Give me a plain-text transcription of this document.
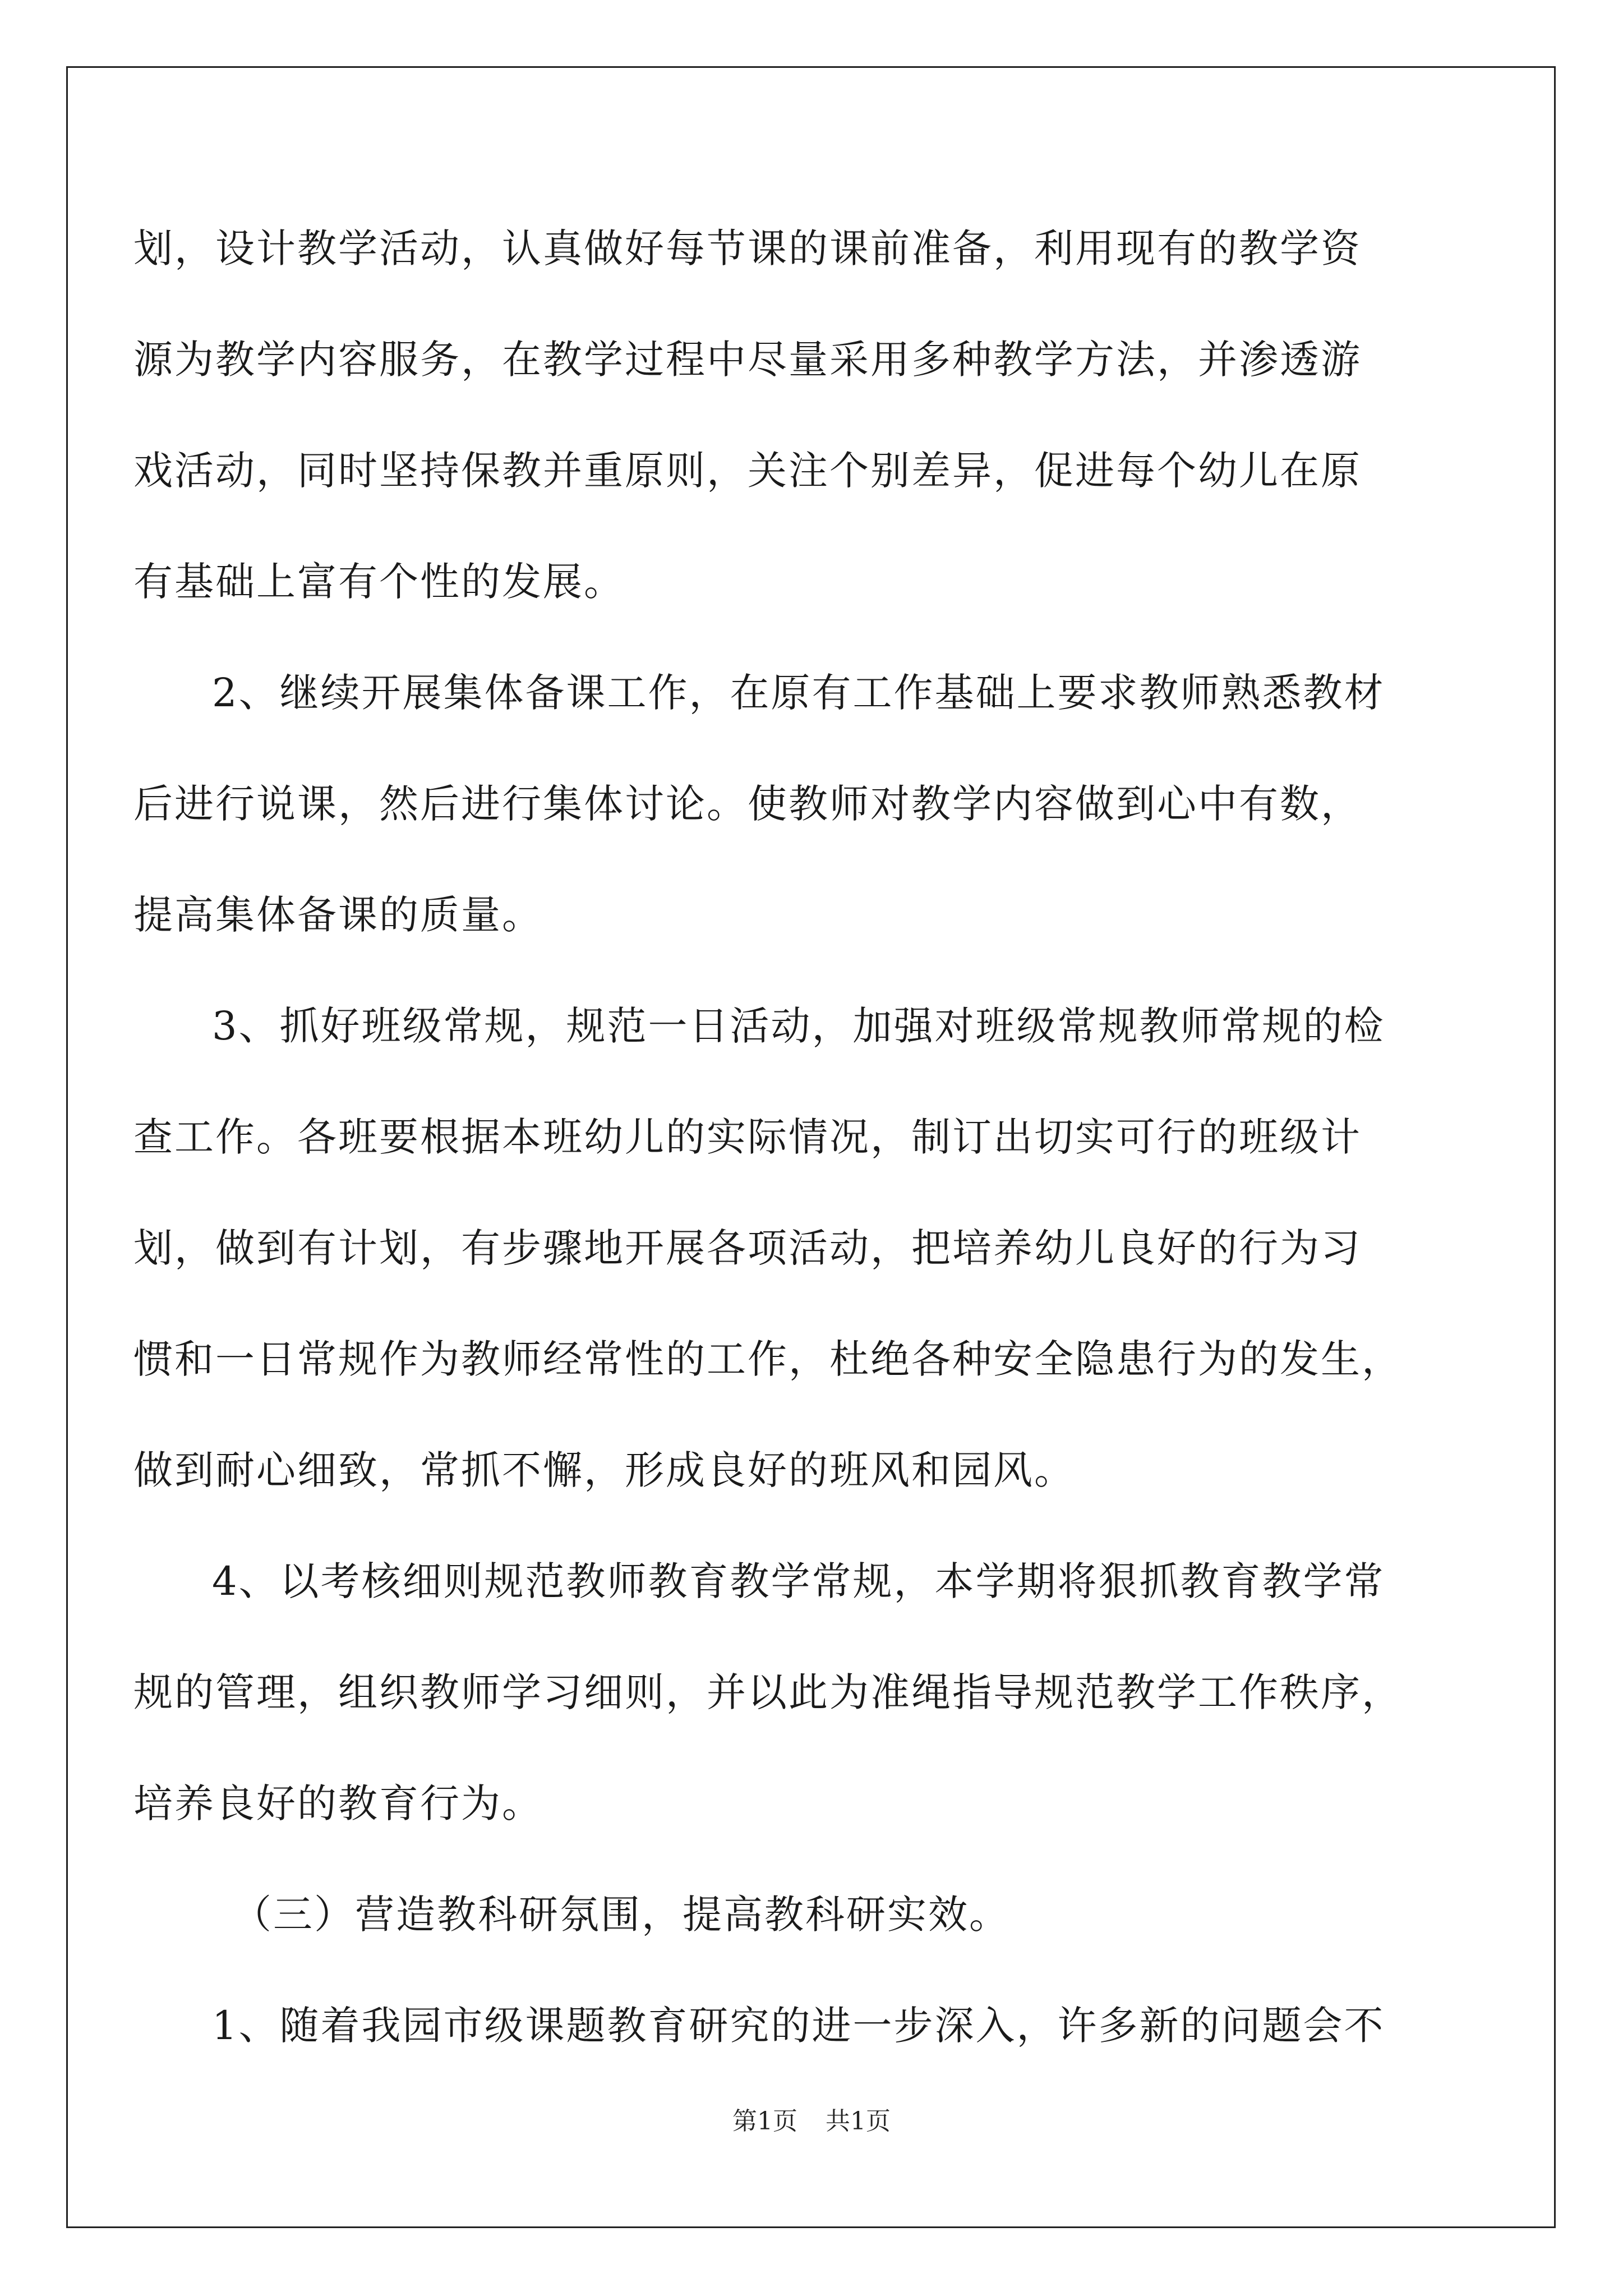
划，设计教学活动，认真做好每节课的课前准备，利用现有的教学资
源为教学内容服务，在教学过程中尽量采用多种教学方法，并渗透游
戏活动，同时坚持保教并重原则，关注个别差异，促进每个幼儿在原
有基础上富有个性的发展。
2、继续开展集体备课工作，在原有工作基础上要求教师熟悉教材
后进行说课，然后进行集体讨论。使教师对教学内容做到心中有数，
提高集体备课的质量。
3、抓好班级常规，规范一日活动，加强对班级常规教师常规的检
查工作。各班要根据本班幼儿的实际情况，制订出切实可行的班级计
划，做到有计划，有步骤地开展各项活动，把培养幼儿良好的行为习
惯和一日常规作为教师经常性的工作，杜绝各种安全隐患行为的发生，
做到耐心细致，常抓不懈，形成良好的班风和园风。
4、以考核细则规范教师教育教学常规，本学期将狠抓教育教学常
规的管理，组织教师学习细则，并以此为准绳指导规范教学工作秩序，
培养良好的教育行为。
（三）营造教科研氛围，提高教科研实效。
1、随着我园市级课题教育研究的进一步深入，许多新的问题会不
第1页 共1页
